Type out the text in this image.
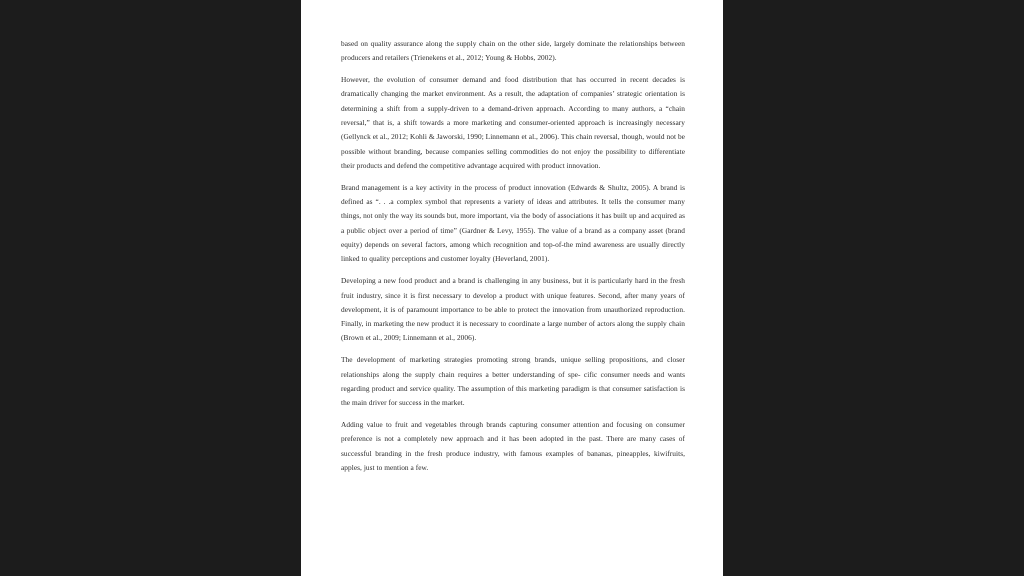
based on quality assurance along the supply chain on the other side, largely dominate the relationships between producers and retailers (Trienekens et al., 2012; Young & Hobbs, 2002).

However, the evolution of consumer demand and food distribution that has occurred in recent decades is dramatically changing the market environment. As a result, the adaptation of companies’ strategic orientation is determining a shift from a supply-driven to a demand-driven approach. According to many authors, a “chain reversal,” that is, a shift towards a more marketing and consumer-oriented approach is increasingly necessary (Gellynck et al., 2012; Kohli & Jaworski, 1990; Linnemann et al., 2006). This chain reversal, though, would not be possible without branding, because companies selling commodities do not enjoy the possibility to differentiate their products and defend the competitive advantage acquired with product innovation.

Brand management is a key activity in the process of product innovation (Edwards & Shultz, 2005). A brand is defined as “. . .a complex symbol that represents a variety of ideas and attributes. It tells the consumer many things, not only the way its sounds but, more important, via the body of associations it has built up and acquired as a public object over a period of time” (Gardner & Levy, 1955). The value of a brand as a company asset (brand equity) depends on several factors, among which recognition and top-of-the mind awareness are usually directly linked to quality perceptions and customer loyalty (Heverland, 2001).

Developing a new food product and a brand is challenging in any business, but it is particularly hard in the fresh fruit industry, since it is first necessary to develop a product with unique features. Second, after many years of development, it is of paramount importance to be able to protect the innovation from unauthorized reproduction. Finally, in marketing the new product it is necessary to coordinate a large number of actors along the supply chain (Brown et al., 2009; Linnemann et al., 2006).

The development of marketing strategies promoting strong brands, unique selling propositions, and closer relationships along the supply chain requires a better understanding of spe- cific consumer needs and wants regarding product and service quality. The assumption of this marketing paradigm is that consumer satisfaction is the main driver for success in the market.

Adding value to fruit and vegetables through brands capturing consumer attention and focusing on consumer preference is not a completely new approach and it has been adopted in the past. There are many cases of successful branding in the fresh produce industry, with famous examples of bananas, pineapples, kiwifruits, apples, just to mention a few.
